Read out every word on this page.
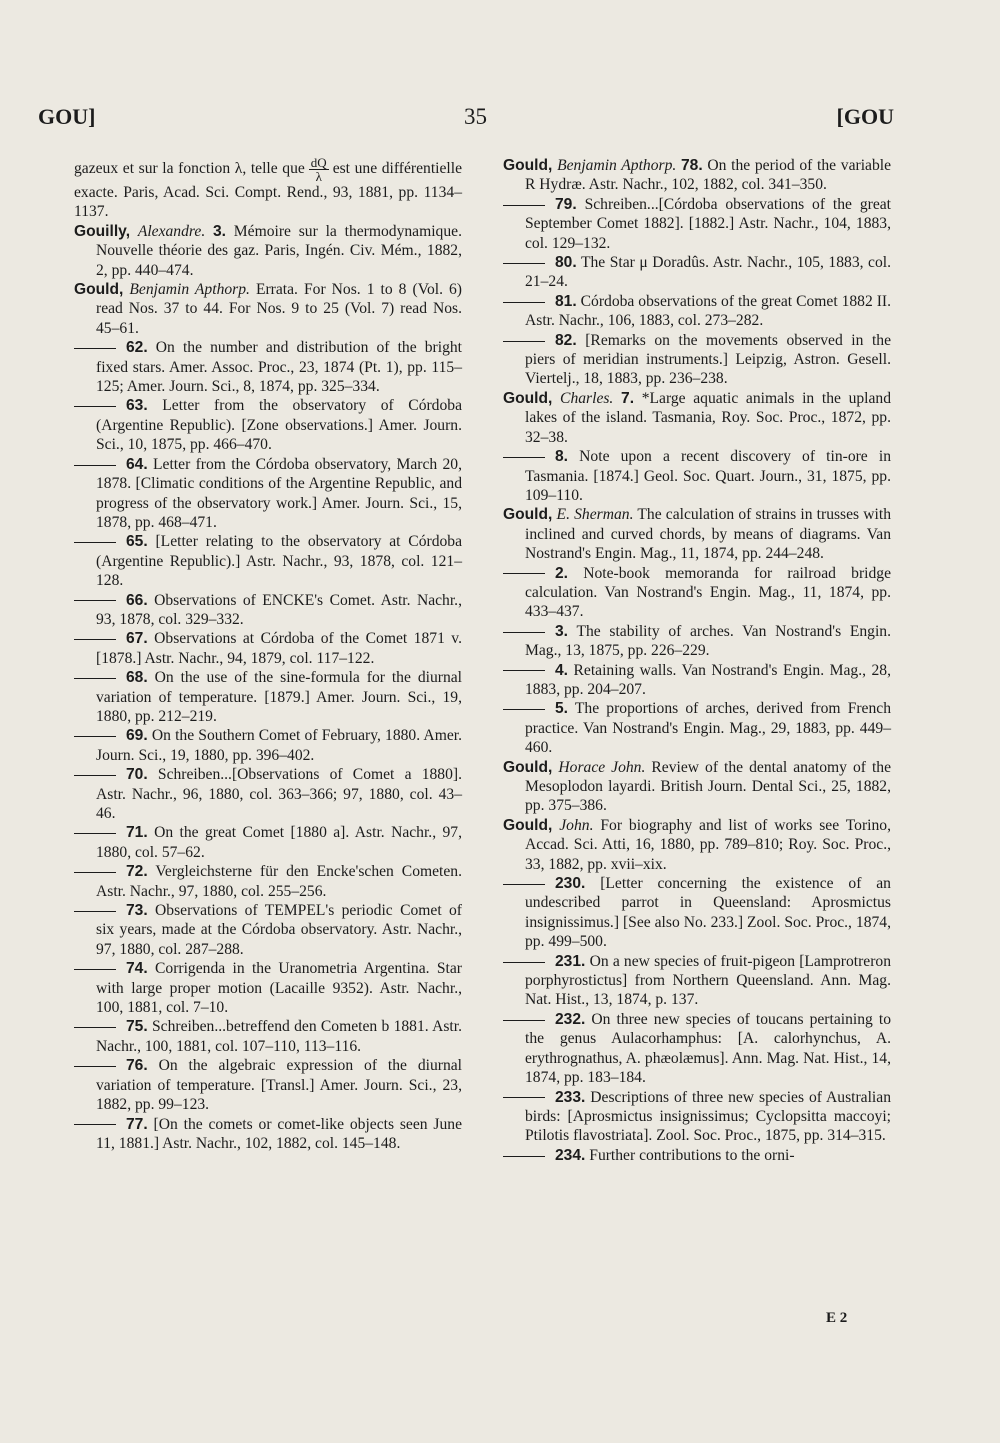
GOU]	35	[GOU

gazeux et sur la fonction λ, telle que $\frac{dQ}{\lambda}$ est une différentielle exacte. Paris, Acad. Sci. Compt. Rend., 93, 1881, pp. 1134–1137.

Gouilly, Alexandre. 3. Mémoire sur la thermodynamique. Nouvelle théorie des gaz. Paris, Ingén. Civ. Mém., 1882, 2, pp. 440–474.

Gould, Benjamin Apthorp. Errata. For Nos. 1 to 8 (Vol. 6) read Nos. 37 to 44. For Nos. 9 to 25 (Vol. 7) read Nos. 45–61.

62. On the number and distribution of the bright fixed stars. Amer. Assoc. Proc., 23, 1874 (Pt. 1), pp. 115–125; Amer. Journ. Sci., 8, 1874, pp. 325–334.

63. Letter from the observatory of Córdoba (Argentine Republic). [Zone observations.] Amer. Journ. Sci., 10, 1875, pp. 466–470.

64. Letter from the Córdoba observatory, March 20, 1878. [Climatic conditions of the Argentine Republic, and progress of the observatory work.] Amer. Journ. Sci., 15, 1878, pp. 468–471.

65. [Letter relating to the observatory at Córdoba (Argentine Republic).] Astr. Nachr., 93, 1878, col. 121–128.

66. Observations of ENCKE's Comet. Astr. Nachr., 93, 1878, col. 329–332.

67. Observations at Córdoba of the Comet 1871 v. [1878.] Astr. Nachr., 94, 1879, col. 117–122.

68. On the use of the sine-formula for the diurnal variation of temperature. [1879.] Amer. Journ. Sci., 19, 1880, pp. 212–219.

69. On the Southern Comet of February, 1880. Amer. Journ. Sci., 19, 1880, pp. 396–402.

70. Schreiben...[Observations of Comet a 1880]. Astr. Nachr., 96, 1880, col. 363–366; 97, 1880, col. 43–46.

71. On the great Comet [1880 a]. Astr. Nachr., 97, 1880, col. 57–62.

72. Vergleichsterne für den Encke'schen Cometen. Astr. Nachr., 97, 1880, col. 255–256.

73. Observations of TEMPEL's periodic Comet of six years, made at the Córdoba observatory. Astr. Nachr., 97, 1880, col. 287–288.

74. Corrigenda in the Uranometria Argentina. Star with large proper motion (Lacaille 9352). Astr. Nachr., 100, 1881, col. 7–10.

75. Schreiben...betreffend den Cometen b 1881. Astr. Nachr., 100, 1881, col. 107–110, 113–116.

76. On the algebraic expression of the diurnal variation of temperature. [Transl.] Amer. Journ. Sci., 23, 1882, pp. 99–123.

77. [On the comets or comet-like objects seen June 11, 1881.] Astr. Nachr., 102, 1882, col. 145–148.

Gould, Benjamin Apthorp. 78. On the period of the variable R Hydræ. Astr. Nachr., 102, 1882, col. 341–350.

79. Schreiben...[Córdoba observations of the great September Comet 1882]. [1882.] Astr. Nachr., 104, 1883, col. 129–132.

80. The Star μ Doradûs. Astr. Nachr., 105, 1883, col. 21–24.

81. Córdoba observations of the great Comet 1882 II. Astr. Nachr., 106, 1883, col. 273–282.

82. [Remarks on the movements observed in the piers of meridian instruments.] Leipzig, Astron. Gesell. Viertelj., 18, 1883, pp. 236–238.

Gould, Charles. 7. *Large aquatic animals in the upland lakes of the island. Tasmania, Roy. Soc. Proc., 1872, pp. 32–38.

8. Note upon a recent discovery of tin-ore in Tasmania. [1874.] Geol. Soc. Quart. Journ., 31, 1875, pp. 109–110.

Gould, E. Sherman. The calculation of strains in trusses with inclined and curved chords, by means of diagrams. Van Nostrand's Engin. Mag., 11, 1874, pp. 244–248.

2. Note-book memoranda for railroad bridge calculation. Van Nostrand's Engin. Mag., 11, 1874, pp. 433–437.

3. The stability of arches. Van Nostrand's Engin. Mag., 13, 1875, pp. 226–229.

4. Retaining walls. Van Nostrand's Engin. Mag., 28, 1883, pp. 204–207.

5. The proportions of arches, derived from French practice. Van Nostrand's Engin. Mag., 29, 1883, pp. 449–460.

Gould, Horace John. Review of the dental anatomy of the Mesoplodon layardi. British Journ. Dental Sci., 25, 1882, pp. 375–386.

Gould, John. For biography and list of works see Torino, Accad. Sci. Atti, 16, 1880, pp. 789–810; Roy. Soc. Proc., 33, 1882, pp. xvii–xix.

230. [Letter concerning the existence of an undescribed parrot in Queensland: Aprosmictus insignissimus.] [See also No. 233.] Zool. Soc. Proc., 1874, pp. 499–500.

231. On a new species of fruit-pigeon [Lamprotreron porphyrostictus] from Northern Queensland. Ann. Mag. Nat. Hist., 13, 1874, p. 137.

232. On three new species of toucans pertaining to the genus Aulacorhamphus: [A. calorhynchus, A. erythrognathus, A. phæolæmus]. Ann. Mag. Nat. Hist., 14, 1874, pp. 183–184.

233. Descriptions of three new species of Australian birds: [Aprosmictus insignissimus; Cyclopsitta maccoyi; Ptilotis flavostriata]. Zool. Soc. Proc., 1875, pp. 314–315.

234. Further contributions to the orni-

E 2
